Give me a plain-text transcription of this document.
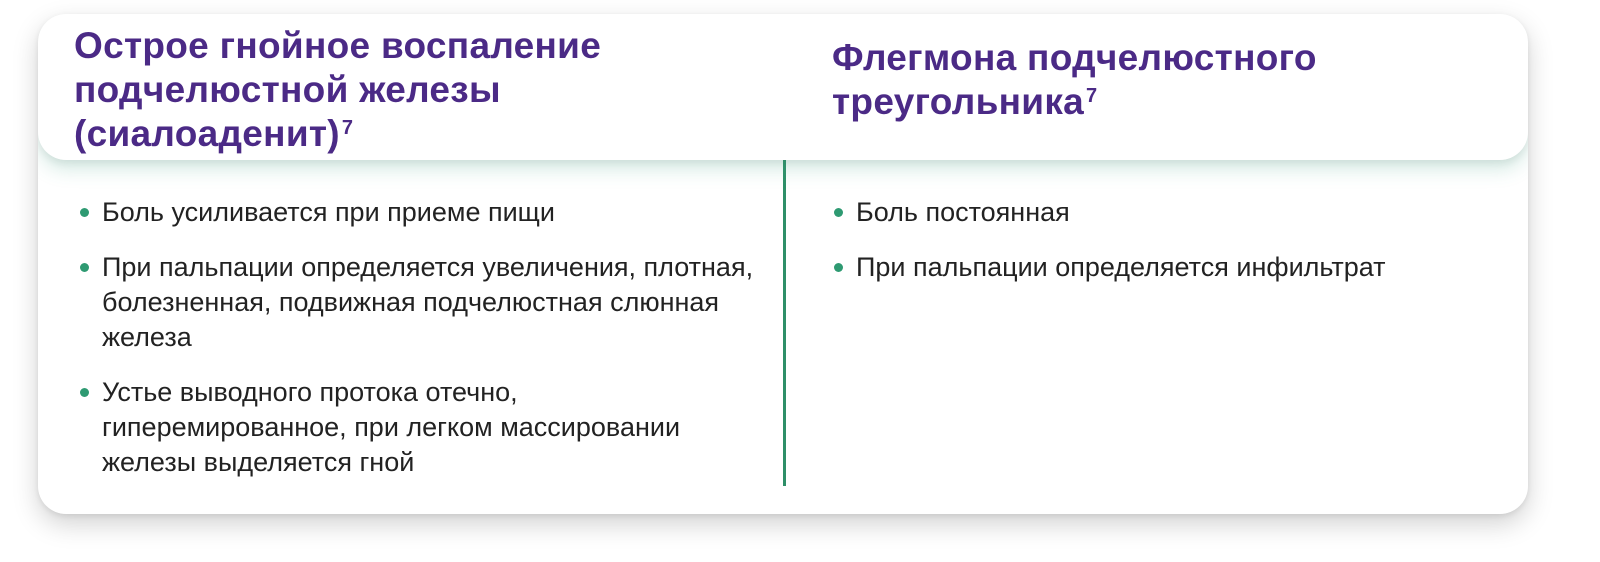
Острое гнойное воспаление подчелюстной железы (сиалоаденит) $^7$
Флегмона подчелюстного треугольника $^7$
Боль усиливается при приеме пищи
При пальпации определяется увеличения, плотная, болезненная, подвижная подчелюстная слюнная железа
Устье выводного протока отечно, гиперемированное, при легком массировании железы выделяется гной
Боль постоянная
При пальпации определяется инфильтрат
